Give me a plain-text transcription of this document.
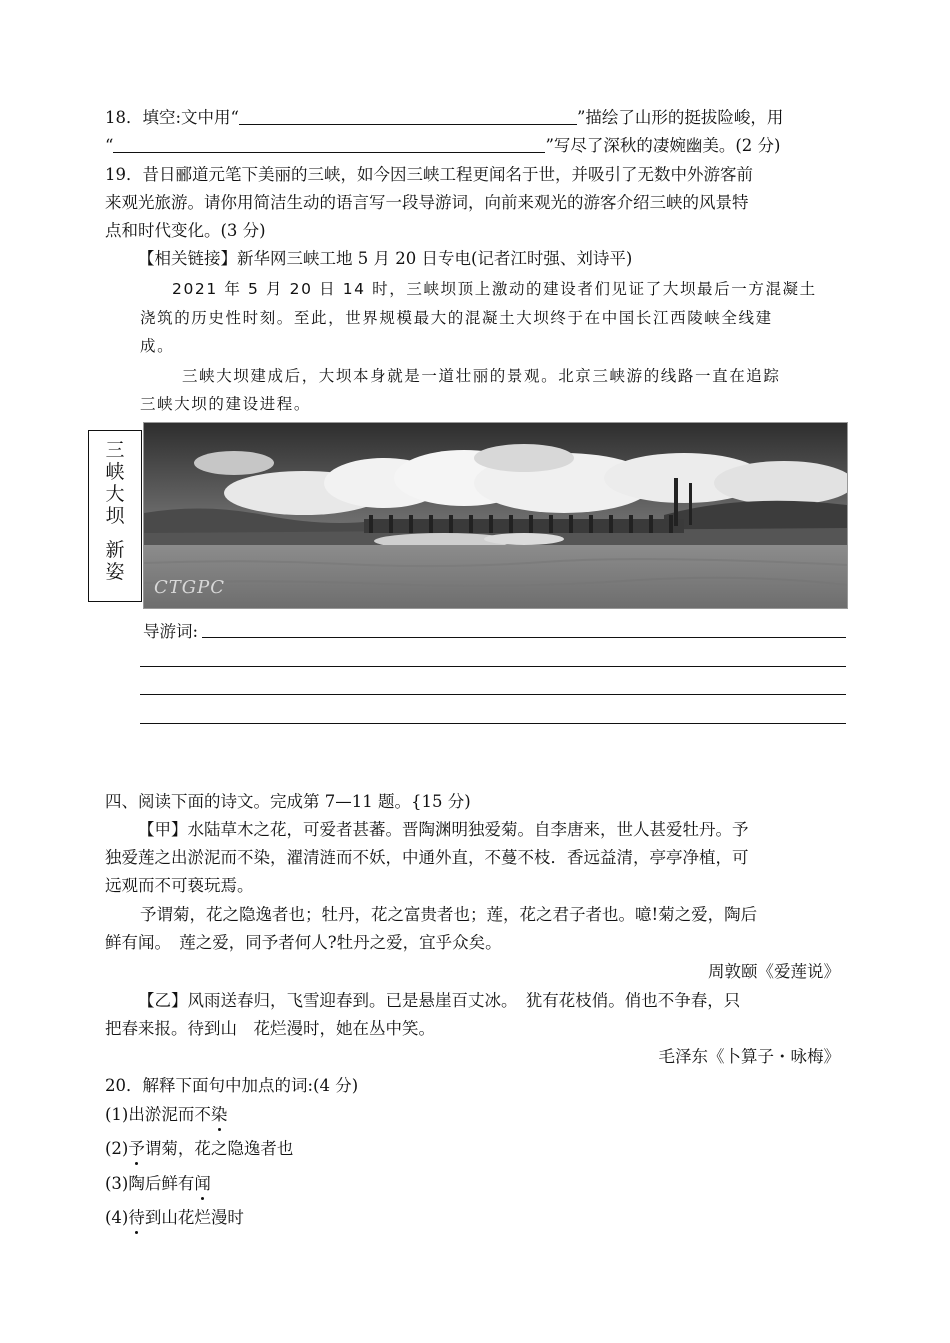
18．填空:文中用“	”描绘了山形的挺拔险峻，用
“	”写尽了深秋的凄婉幽美。(2 分)
19．昔日郦道元笔下美丽的三峡，如今因三峡工程更闻名于世，并吸引了无数中外游客前
来观光旅游。请你用简洁生动的语言写一段导游词，向前来观光的游客介绍三峡的风景特
点和时代变化。(3 分)
【相关链接】新华网三峡工地 5 月 20 日专电(记者江时强、刘诗平)
2021 年 5 月 20 日 14 时，三峡坝顶上激动的建设者们见证了大坝最后一方混凝土
浇筑的历史性时刻。至此，世界规模最大的混凝土大坝终于在中国长江西陵峡全线建
成。
三峡大坝建成后，大坝本身就是一道壮丽的景观。北京三峡游的线路一直在追踪
三峡大坝的建设进程。
CTGPC
三
峡
大
坝
新
姿
导游词:
四、阅读下面的诗文。完成第 7—11 题。{15 分)
【甲】水陆草木之花，可爱者甚蕃。晋陶渊明独爱菊。自李唐来，世人甚爱牡丹。予
独爱莲之出淤泥而不染，濯清涟而不妖，中通外直，不蔓不枝．香远益清，亭亭净植，可
远观而不可亵玩焉。
予谓菊，花之隐逸者也；牡丹，花之富贵者也；莲，花之君子者也。噫!菊之爱，陶后
鲜有闻。　莲之爱，同予者何人?牡丹之爱，宜乎众矣。
周敦颐《爱莲说》
【乙】风雨送春归，飞雪迎春到。已是悬崖百丈冰。　犹有花枝俏。俏也不争春，只
把春来报。待到山　花烂漫时，她在丛中笑。
毛泽东《卜算子・咏梅》
20．解释下面句中加点的词:(4 分)
(1)出淤泥而不染
(2)予谓菊，花之隐逸者也
(3)陶后鲜有闻
(4)待到山花烂漫时
